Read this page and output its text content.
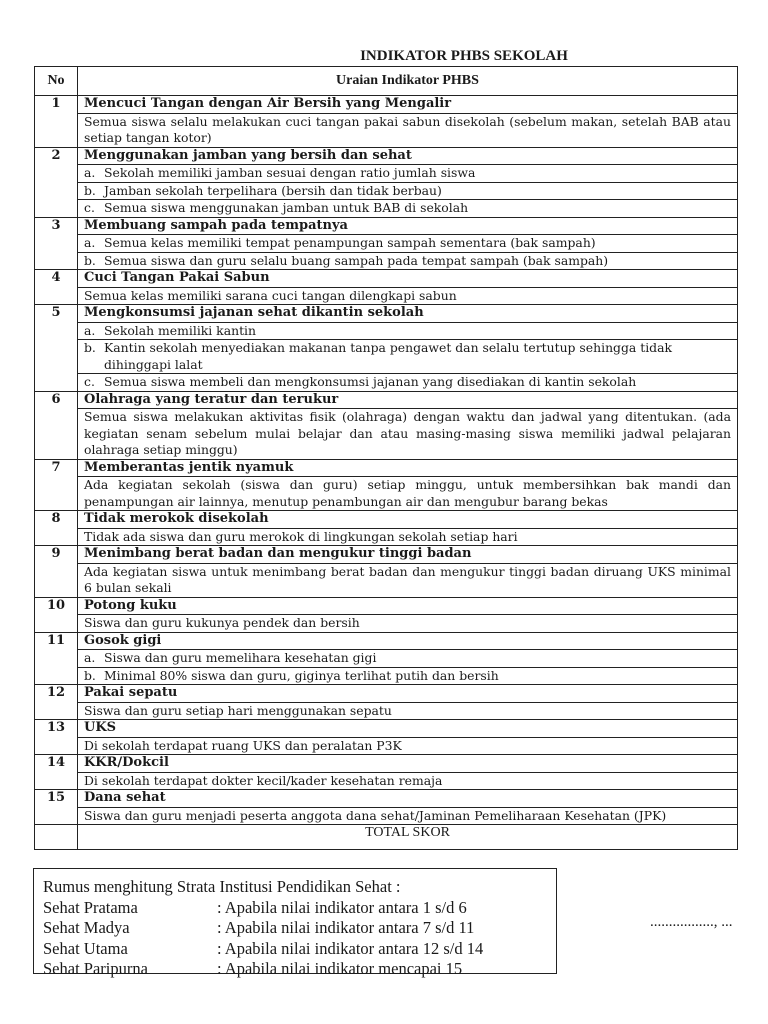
INDIKATOR PHBS SEKOLAH
No	Uraian Indikator PHBS
1	Mencuci Tangan dengan Air Bersih yang Mengalir
	Semua siswa selalu melakukan cuci tangan pakai sabun disekolah (sebelum makan, setelah BAB atau setiap tangan kotor)
2	Menggunakan jamban yang bersih dan sehat
	a. Sekolah memiliki jamban sesuai dengan ratio jumlah siswa
	b. Jamban sekolah terpelihara (bersih dan tidak berbau)
	c. Semua siswa menggunakan jamban untuk BAB di sekolah
3	Membuang sampah pada tempatnya
	a. Semua kelas memiliki tempat penampungan sampah sementara (bak sampah)
	b. Semua siswa dan guru selalu buang sampah pada tempat sampah (bak sampah)
4	Cuci Tangan Pakai Sabun
	Semua kelas memiliki sarana cuci tangan dilengkapi sabun
5	Mengkonsumsi jajanan sehat dikantin sekolah
	a. Sekolah memiliki kantin
	b. Kantin sekolah menyediakan makanan tanpa pengawet dan selalu tertutup sehingga tidak dihinggapi lalat
	c. Semua siswa membeli dan mengkonsumsi jajanan yang disediakan di kantin sekolah
6	Olahraga yang teratur dan terukur
	Semua siswa melakukan aktivitas fisik (olahraga) dengan waktu dan jadwal yang ditentukan. (ada kegiatan senam sebelum mulai belajar dan atau masing-masing siswa memiliki jadwal pelajaran olahraga setiap minggu)
7	Memberantas jentik nyamuk
	Ada kegiatan sekolah (siswa dan guru) setiap minggu, untuk membersihkan bak mandi dan penampungan air lainnya, menutup penambungan air dan mengubur barang bekas
8	Tidak merokok disekolah
	Tidak ada siswa dan guru merokok di lingkungan sekolah setiap hari
9	Menimbang berat badan dan mengukur tinggi badan
	Ada kegiatan siswa untuk menimbang berat badan dan mengukur tinggi badan diruang UKS minimal 6 bulan sekali
10	Potong kuku
	Siswa dan guru kukunya pendek dan bersih
11	Gosok gigi
	a. Siswa dan guru memelihara kesehatan gigi
	b. Minimal 80% siswa dan guru, giginya terlihat putih dan bersih
12	Pakai sepatu
	Siswa dan guru setiap hari menggunakan sepatu
13	UKS
	Di sekolah terdapat ruang UKS dan peralatan P3K
14	KKR/Dokcil
	Di sekolah terdapat dokter kecil/kader kesehatan remaja
15	Dana sehat
	Siswa dan guru menjadi peserta anggota dana sehat/Jaminan Pemeliharaan Kesehatan (JPK)
	TOTAL SKOR
Rumus menghitung Strata Institusi Pendidikan Sehat :
Sehat Pratama	: Apabila nilai indikator antara 1 s/d 6
Sehat Madya	: Apabila nilai indikator antara 7 s/d 11
Sehat Utama	: Apabila nilai indikator antara 12 s/d 14
Sehat Paripurna	: Apabila nilai indikator mencapai 15
................., ...
